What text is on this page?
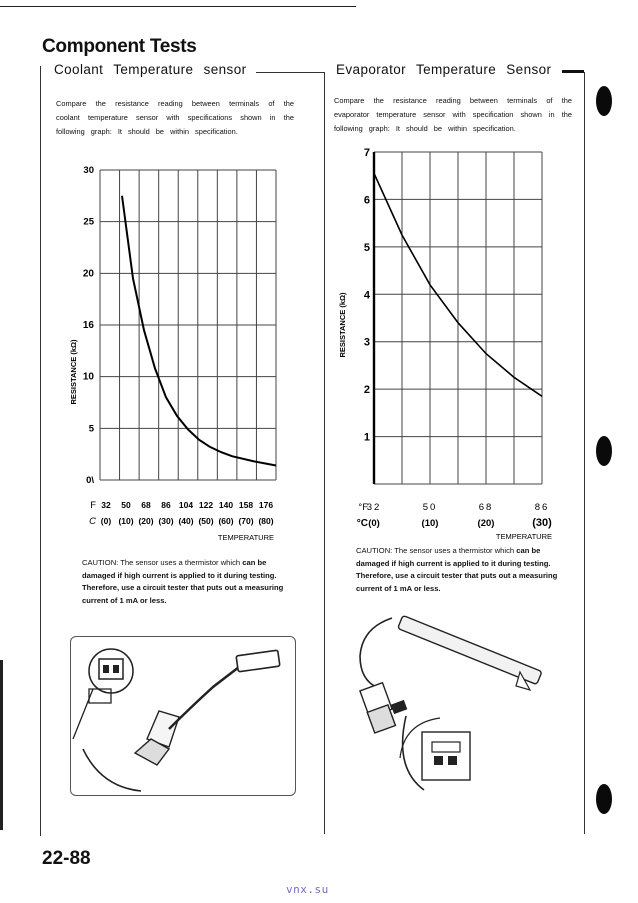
Component Tests
Coolant Temperature sensor	Evaporator Temperature Sensor
Compare the resistance reading between terminals of the coolant temperature sensor with specifications shown in the following graph: It should be within specification.
Compare the resistance reading between terminals of the evaporator temperature sensor with specification shown in the following graph: It should be within specification.
30
25
20
16
10
5
0\
F 32 50 68 86 104 122 140 158 176
C (0) (10) (20) (30) (40) (50) (60) (70) (80)
RESISTANCE (kΩ)
TEMPERATURE
7
6
5
4
3
2
1
°F
32	50	68	86
°C (0)	(10)	(20)	(30)
RESISTANCE (kΩ)
TEMPERATURE
CAUTION: The sensor uses a thermistor which can be damaged if high current is applied to it during testing. Therefore, use a circuit tester that puts out a measuring current of 1 mA or less.
CAUTION: The sensor uses a thermistor which can be damaged if high current is applied to it during testing. Therefore, use a circuit tester that puts out a measuring current of 1 mA or less.
22-88
vnx.su
